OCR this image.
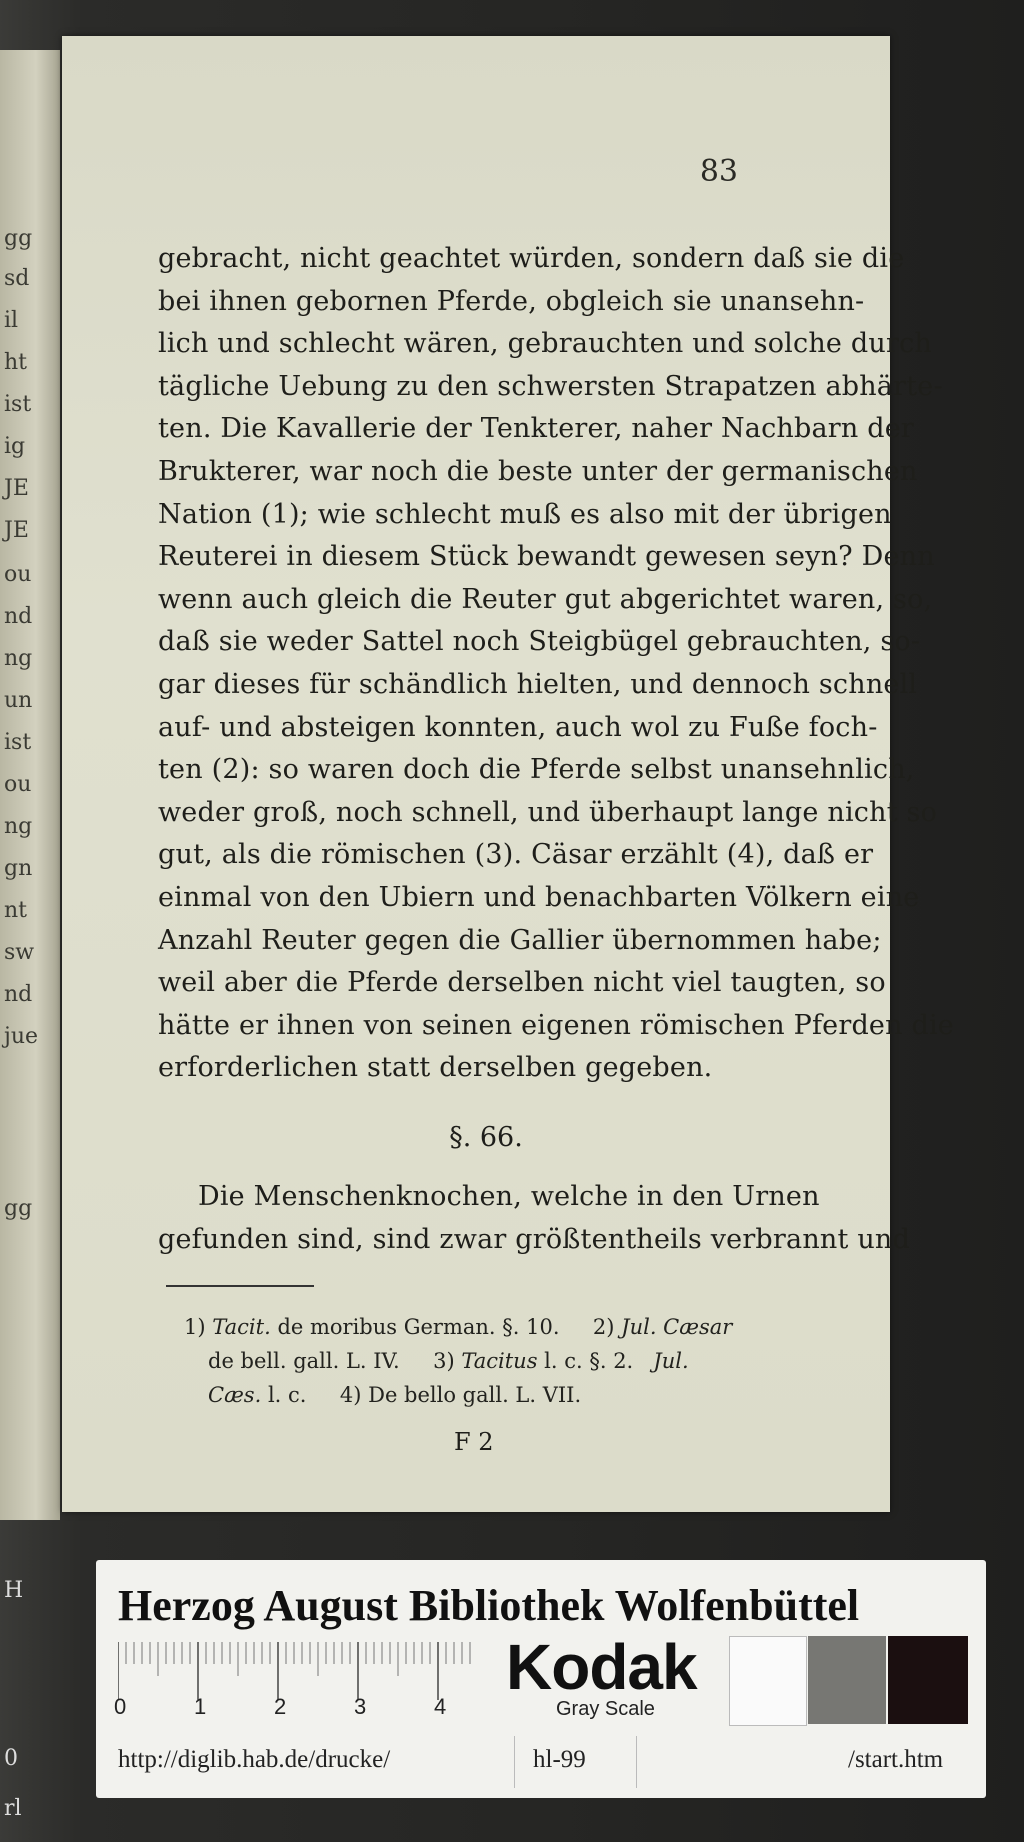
gg
sd
il
ht
ist
ig
JE
JE
ou
nd
ng
un
ist
ou
ng
gn
nt
sw
nd
jue
gg
H
0
rl
83
gebracht, nicht geachtet würden, sondern daß sie die
bei ihnen gebornen Pferde, obgleich sie unansehn-
lich und schlecht wären, gebrauchten und solche durch
tägliche Uebung zu den schwersten Strapatzen abhärte-
ten. Die Kavallerie der Tenkterer, naher Nachbarn der
Brukterer, war noch die beste unter der germanischen
Nation (1); wie schlecht muß es also mit der übrigen
Reuterei in diesem Stück bewandt gewesen seyn? Denn
wenn auch gleich die Reuter gut abgerichtet waren, so,
daß sie weder Sattel noch Steigbügel gebrauchten, so-
gar dieses für schändlich hielten, und dennoch schnell
auf- und absteigen konnten, auch wol zu Fuße foch-
ten (2): so waren doch die Pferde selbst unansehnlich,
weder groß, noch schnell, und überhaupt lange nicht so
gut, als die römischen (3). Cäsar erzählt (4), daß er
einmal von den Ubiern und benachbarten Völkern eine
Anzahl Reuter gegen die Gallier übernommen habe;
weil aber die Pferde derselben nicht viel taugten, so
hätte er ihnen von seinen eigenen römischen Pferden die
erforderlichen statt derselben gegeben.
§. 66.
Die Menschenknochen, welche in den Urnen
gefunden sind, sind zwar größtentheils verbrannt und
1) Tacit. de moribus German. §. 10. 2) Jul. Cæsar
de bell. gall. L. IV. 3) Tacitus l. c. §. 2. Jul.
Cæs. l. c. 4) De bello gall. L. VII.
F 2
Herzog August Bibliothek Wolfenbüttel
0	1	2	3	4
Kodak
Gray Scale
http://diglib.hab.de/drucke/	hl-99	/start.htm
